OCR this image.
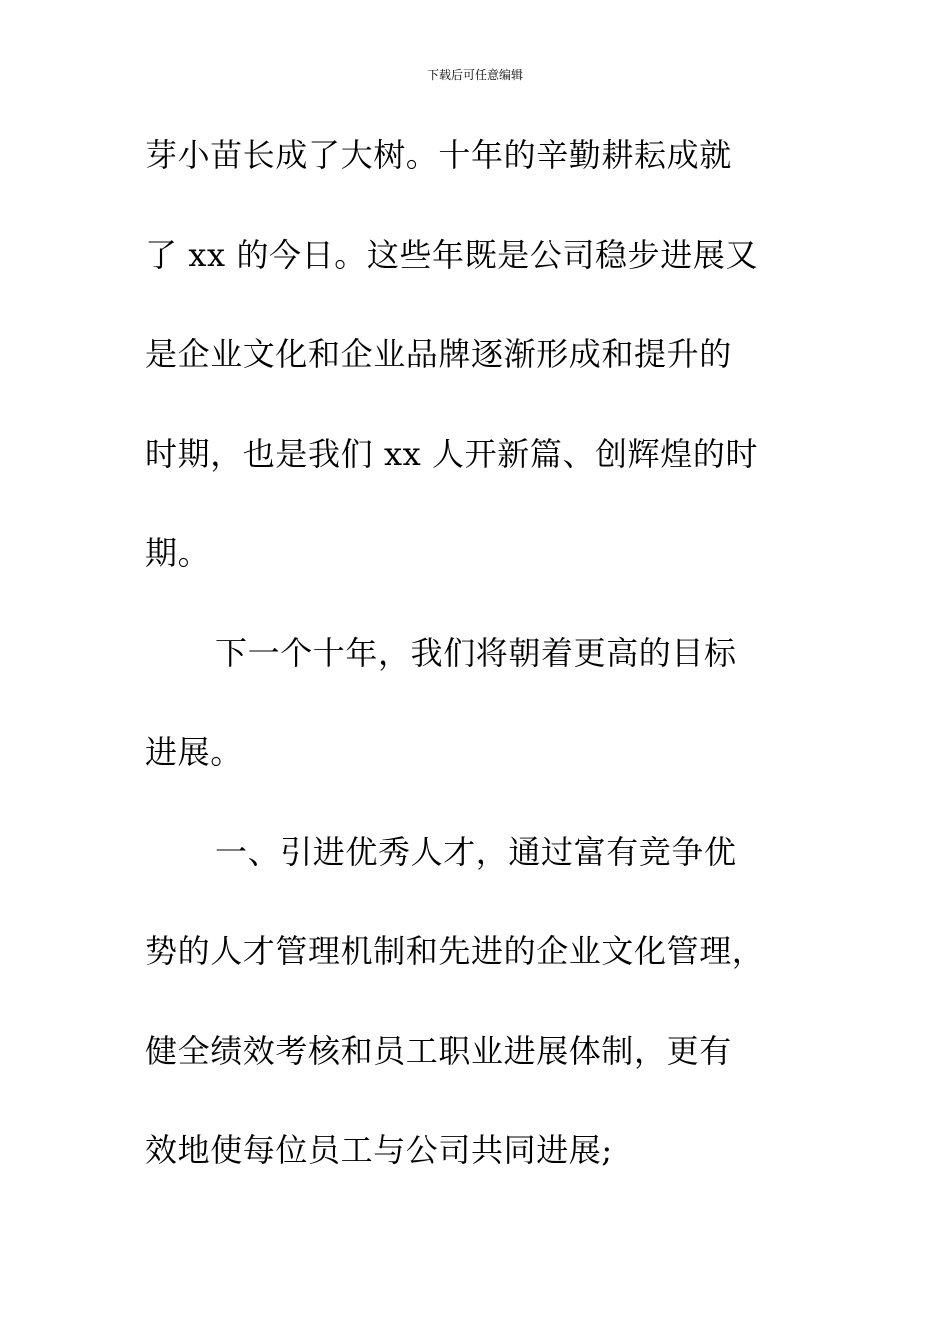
下载后可任意编辑
芽小苗长成了大树。十年的辛勤耕耘成就
了 xx 的今日。这些年既是公司稳步进展又
是企业文化和企业品牌逐渐形成和提升的
时期，也是我们 xx 人开新篇、创辉煌的时
期。
下一个十年，我们将朝着更高的目标
进展。
一、引进优秀人才，通过富有竞争优
势的人才管理机制和先进的企业文化管理，
健全绩效考核和员工职业进展体制，更有
效地使每位员工与公司共同进展;
